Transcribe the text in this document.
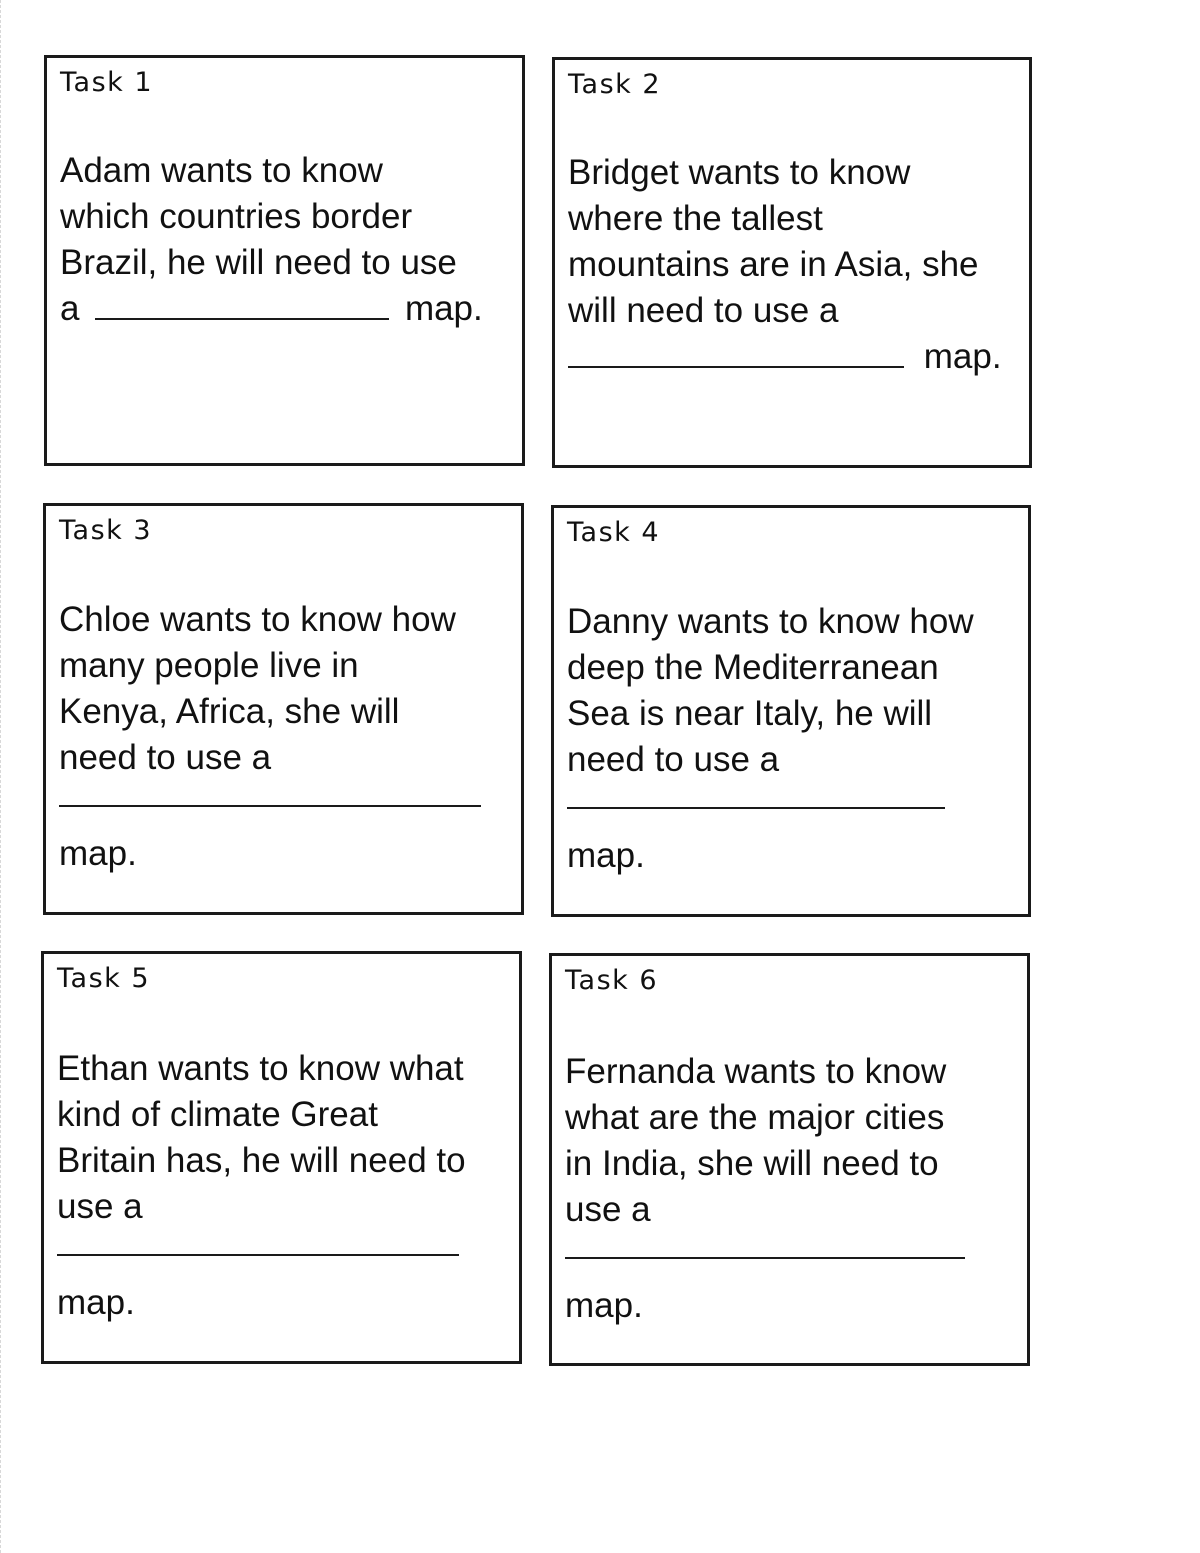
Task 1
Adam wants to know
which countries border
Brazil, he will need to use
a	map.
Task 2
Bridget wants to know
where the tallest
mountains are in Asia, she
will need to use a
map.
Task 3
Chloe wants to know how
many people live in
Kenya, Africa, she will
need to use a
map.
Task 4
Danny wants to know how
deep the Mediterranean
Sea is near Italy, he will
need to use a
map.
Task 5
Ethan wants to know what
kind of climate Great
Britain has, he will need to
use a
map.
Task 6
Fernanda wants to know
what are the major cities
in India, she will need to
use a
map.
